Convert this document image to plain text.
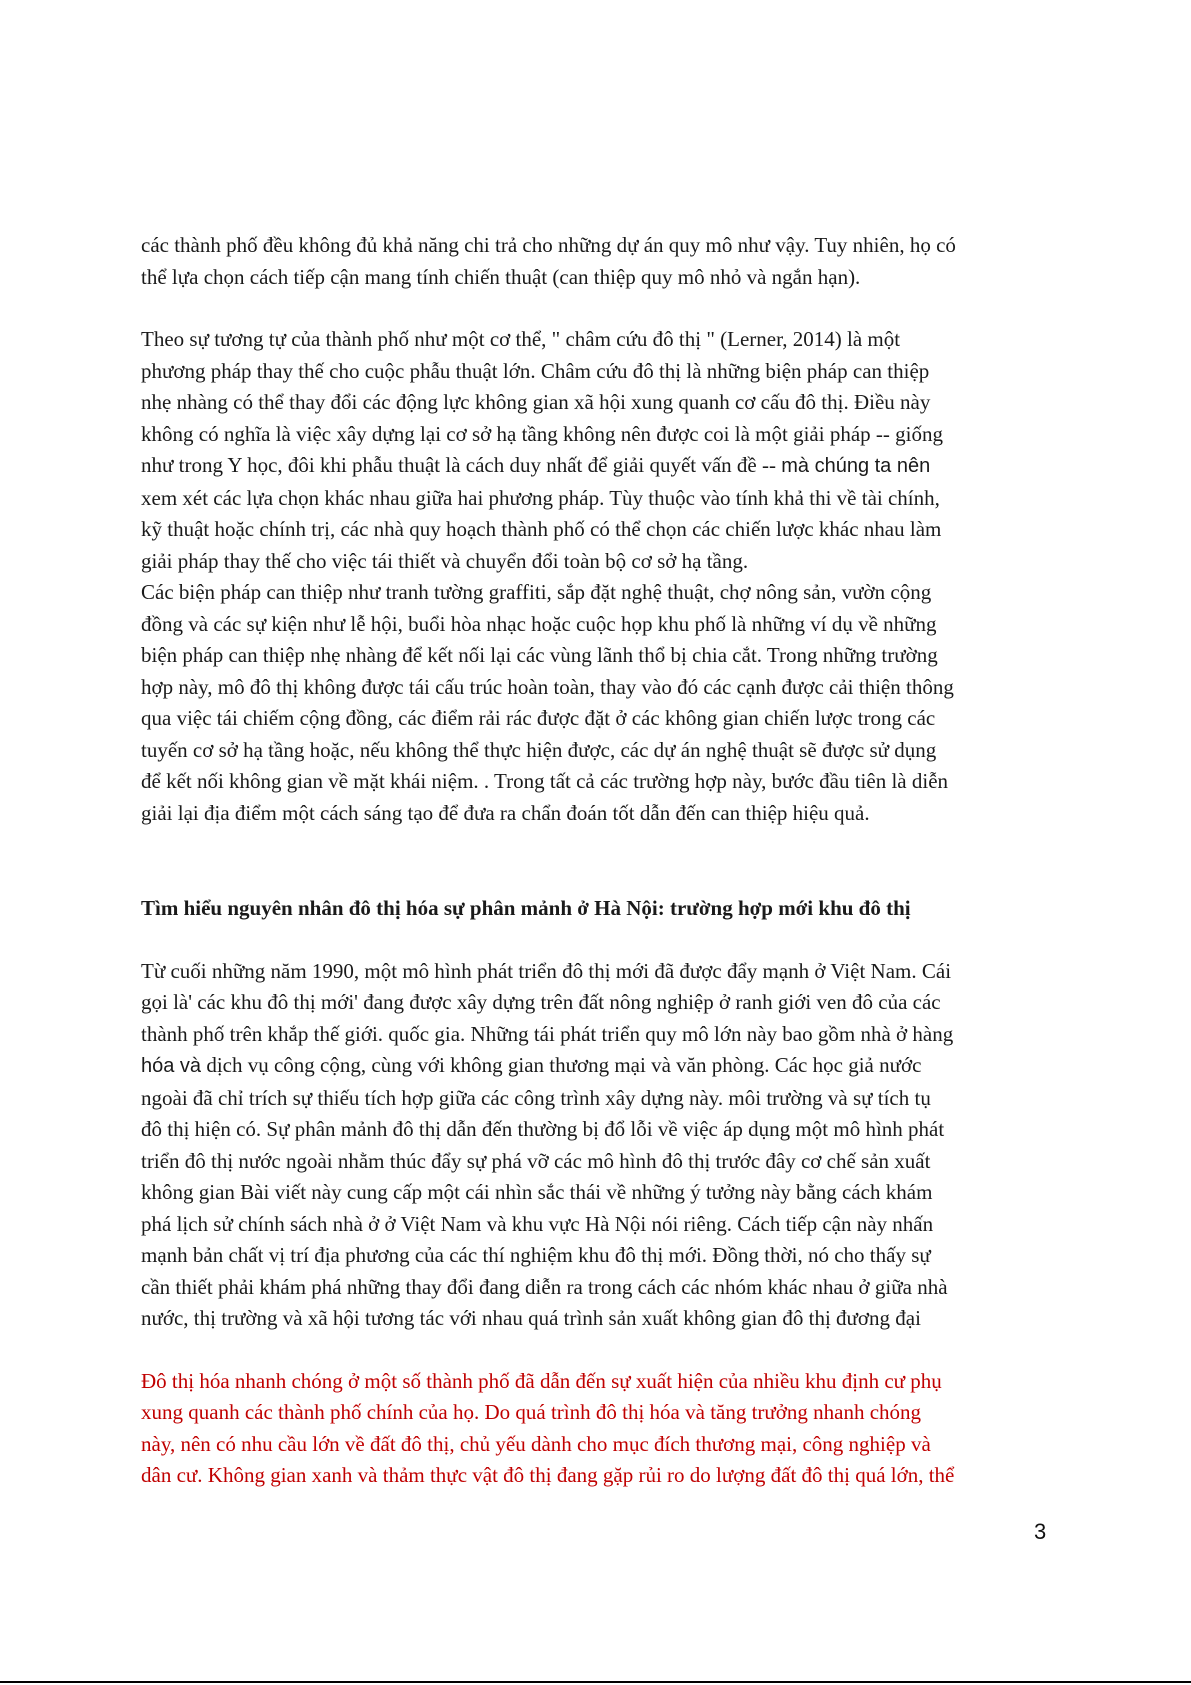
các thành phố đều không đủ khả năng chi trả cho những dự án quy mô như vậy. Tuy nhiên, họ có
thể lựa chọn cách tiếp cận mang tính chiến thuật (can thiệp quy mô nhỏ và ngắn hạn).

Theo sự tương tự của thành phố như một cơ thể, " châm cứu đô thị " (Lerner, 2014) là một
phương pháp thay thế cho cuộc phẫu thuật lớn. Châm cứu đô thị là những biện pháp can thiệp
nhẹ nhàng có thể thay đổi các động lực không gian xã hội xung quanh cơ cấu đô thị. Điều này
không có nghĩa là việc xây dựng lại cơ sở hạ tầng không nên được coi là một giải pháp -- giống
như trong Y học, đôi khi phẫu thuật là cách duy nhất để giải quyết vấn đề -- mà chúng ta nên
xem xét các lựa chọn khác nhau giữa hai phương pháp. Tùy thuộc vào tính khả thi về tài chính,
kỹ thuật hoặc chính trị, các nhà quy hoạch thành phố có thể chọn các chiến lược khác nhau làm
giải pháp thay thế cho việc tái thiết và chuyển đổi toàn bộ cơ sở hạ tầng.

Các biện pháp can thiệp như tranh tường graffiti, sắp đặt nghệ thuật, chợ nông sản, vườn cộng
đồng và các sự kiện như lễ hội, buổi hòa nhạc hoặc cuộc họp khu phố là những ví dụ về những
biện pháp can thiệp nhẹ nhàng để kết nối lại các vùng lãnh thổ bị chia cắt. Trong những trường
hợp này, mô đô thị không được tái cấu trúc hoàn toàn, thay vào đó các cạnh được cải thiện thông
qua việc tái chiếm cộng đồng, các điểm rải rác được đặt ở các không gian chiến lược trong các
tuyến cơ sở hạ tầng hoặc, nếu không thể thực hiện được, các dự án nghệ thuật sẽ được sử dụng
để kết nối không gian về mặt khái niệm. . Trong tất cả các trường hợp này, bước đầu tiên là diễn
giải lại địa điểm một cách sáng tạo để đưa ra chẩn đoán tốt dẫn đến can thiệp hiệu quả.

Tìm hiểu nguyên nhân đô thị hóa sự phân mảnh ở Hà Nội: trường hợp mới khu đô thị

Từ cuối những năm 1990, một mô hình phát triển đô thị mới đã được đẩy mạnh ở Việt Nam. Cái
gọi là' các khu đô thị mới' đang được xây dựng trên đất nông nghiệp ở ranh giới ven đô của các
thành phố trên khắp thế giới. quốc gia. Những tái phát triển quy mô lớn này bao gồm nhà ở hàng
hóa và dịch vụ công cộng, cùng với không gian thương mại và văn phòng. Các học giả nước
ngoài đã chỉ trích sự thiếu tích hợp giữa các công trình xây dựng này. môi trường và sự tích tụ
đô thị hiện có. Sự phân mảnh đô thị dẫn đến thường bị đổ lỗi về việc áp dụng một mô hình phát
triển đô thị nước ngoài nhằm thúc đẩy sự phá vỡ các mô hình đô thị trước đây cơ chế sản xuất
không gian Bài viết này cung cấp một cái nhìn sắc thái về những ý tưởng này bằng cách khám
phá lịch sử chính sách nhà ở ở Việt Nam và khu vực Hà Nội nói riêng. Cách tiếp cận này nhấn
mạnh bản chất vị trí địa phương của các thí nghiệm khu đô thị mới. Đồng thời, nó cho thấy sự
cần thiết phải khám phá những thay đổi đang diễn ra trong cách các nhóm khác nhau ở giữa nhà
nước, thị trường và xã hội tương tác với nhau quá trình sản xuất không gian đô thị đương đại

Đô thị hóa nhanh chóng ở một số thành phố đã dẫn đến sự xuất hiện của nhiều khu định cư phụ
xung quanh các thành phố chính của họ. Do quá trình đô thị hóa và tăng trưởng nhanh chóng
này, nên có nhu cầu lớn về đất đô thị, chủ yếu dành cho mục đích thương mại, công nghiệp và
dân cư. Không gian xanh và thảm thực vật đô thị đang gặp rủi ro do lượng đất đô thị quá lớn, thể

3
